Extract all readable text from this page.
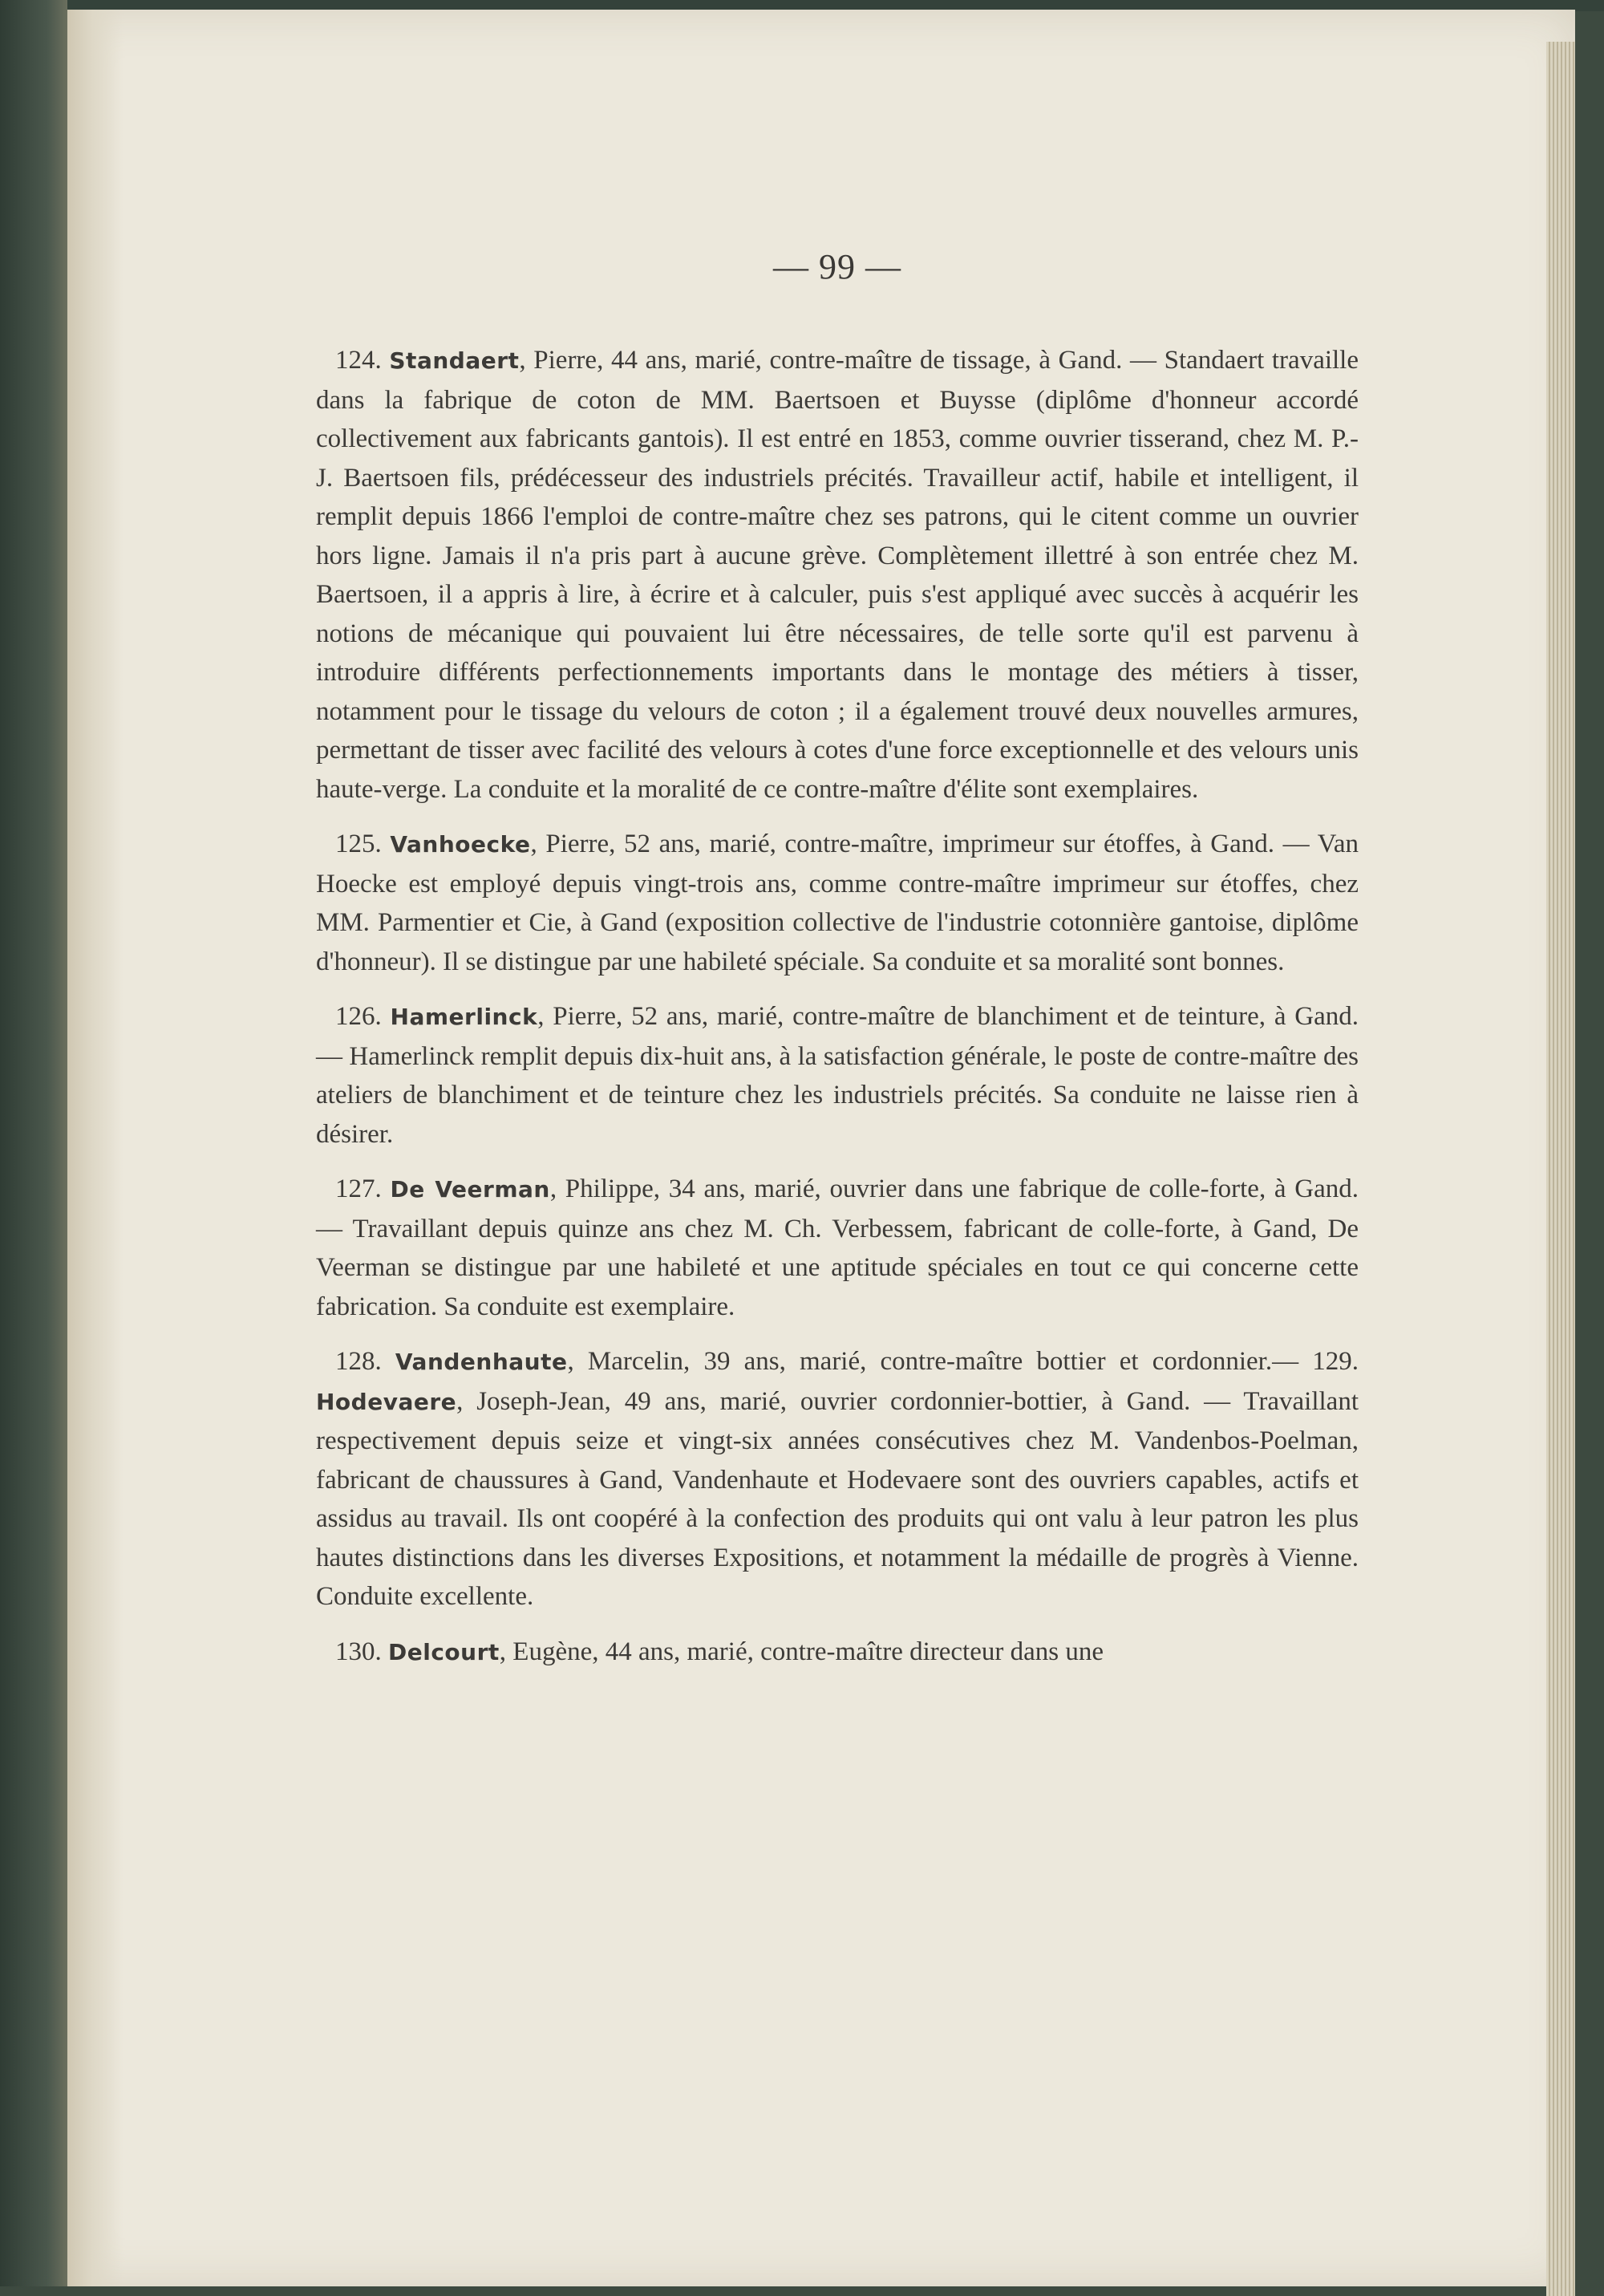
— 99 —

124. Standaert, Pierre, 44 ans, marié, contre-maître de tissage, à Gand. — Standaert travaille dans la fabrique de coton de MM. Baertsoen et Buysse (diplôme d'honneur accordé collectivement aux fabricants gantois). Il est entré en 1853, comme ouvrier tisserand, chez M. P.-J. Baertsoen fils, prédécesseur des industriels précités. Travailleur actif, habile et intelligent, il remplit depuis 1866 l'emploi de contre-maître chez ses patrons, qui le citent comme un ouvrier hors ligne. Jamais il n'a pris part à aucune grève. Complètement illettré à son entrée chez M. Baertsoen, il a appris à lire, à écrire et à calculer, puis s'est appliqué avec succès à acquérir les notions de mécanique qui pouvaient lui être nécessaires, de telle sorte qu'il est parvenu à introduire différents perfectionnements importants dans le montage des métiers à tisser, notamment pour le tissage du velours de coton ; il a également trouvé deux nouvelles armures, permettant de tisser avec facilité des velours à cotes d'une force exceptionnelle et des velours unis haute-verge. La conduite et la moralité de ce contre-maître d'élite sont exemplaires.

125. Vanhoecke, Pierre, 52 ans, marié, contre-maître, imprimeur sur étoffes, à Gand. — Van Hoecke est employé depuis vingt-trois ans, comme contre-maître imprimeur sur étoffes, chez MM. Parmentier et Cie, à Gand (exposition collective de l'industrie cotonnière gantoise, diplôme d'honneur). Il se distingue par une habileté spéciale. Sa conduite et sa moralité sont bonnes.

126. Hamerlinck, Pierre, 52 ans, marié, contre-maître de blanchiment et de teinture, à Gand. — Hamerlinck remplit depuis dix-huit ans, à la satisfaction générale, le poste de contre-maître des ateliers de blanchiment et de teinture chez les industriels précités. Sa conduite ne laisse rien à désirer.

127. De Veerman, Philippe, 34 ans, marié, ouvrier dans une fabrique de colle-forte, à Gand. — Travaillant depuis quinze ans chez M. Ch. Verbessem, fabricant de colle-forte, à Gand, De Veerman se distingue par une habileté et une aptitude spéciales en tout ce qui concerne cette fabrication. Sa conduite est exemplaire.

128. Vandenhaute, Marcelin, 39 ans, marié, contre-maître bottier et cordonnier.— 129. Hodevaere, Joseph-Jean, 49 ans, marié, ouvrier cordonnier-bottier, à Gand. — Travaillant respectivement depuis seize et vingt-six années consécutives chez M. Vandenbos-Poelman, fabricant de chaussures à Gand, Vandenhaute et Hodevaere sont des ouvriers capables, actifs et assidus au travail. Ils ont coopéré à la confection des produits qui ont valu à leur patron les plus hautes distinctions dans les diverses Expositions, et notamment la médaille de progrès à Vienne. Conduite excellente.

130. Delcourt, Eugène, 44 ans, marié, contre-maître directeur dans une
